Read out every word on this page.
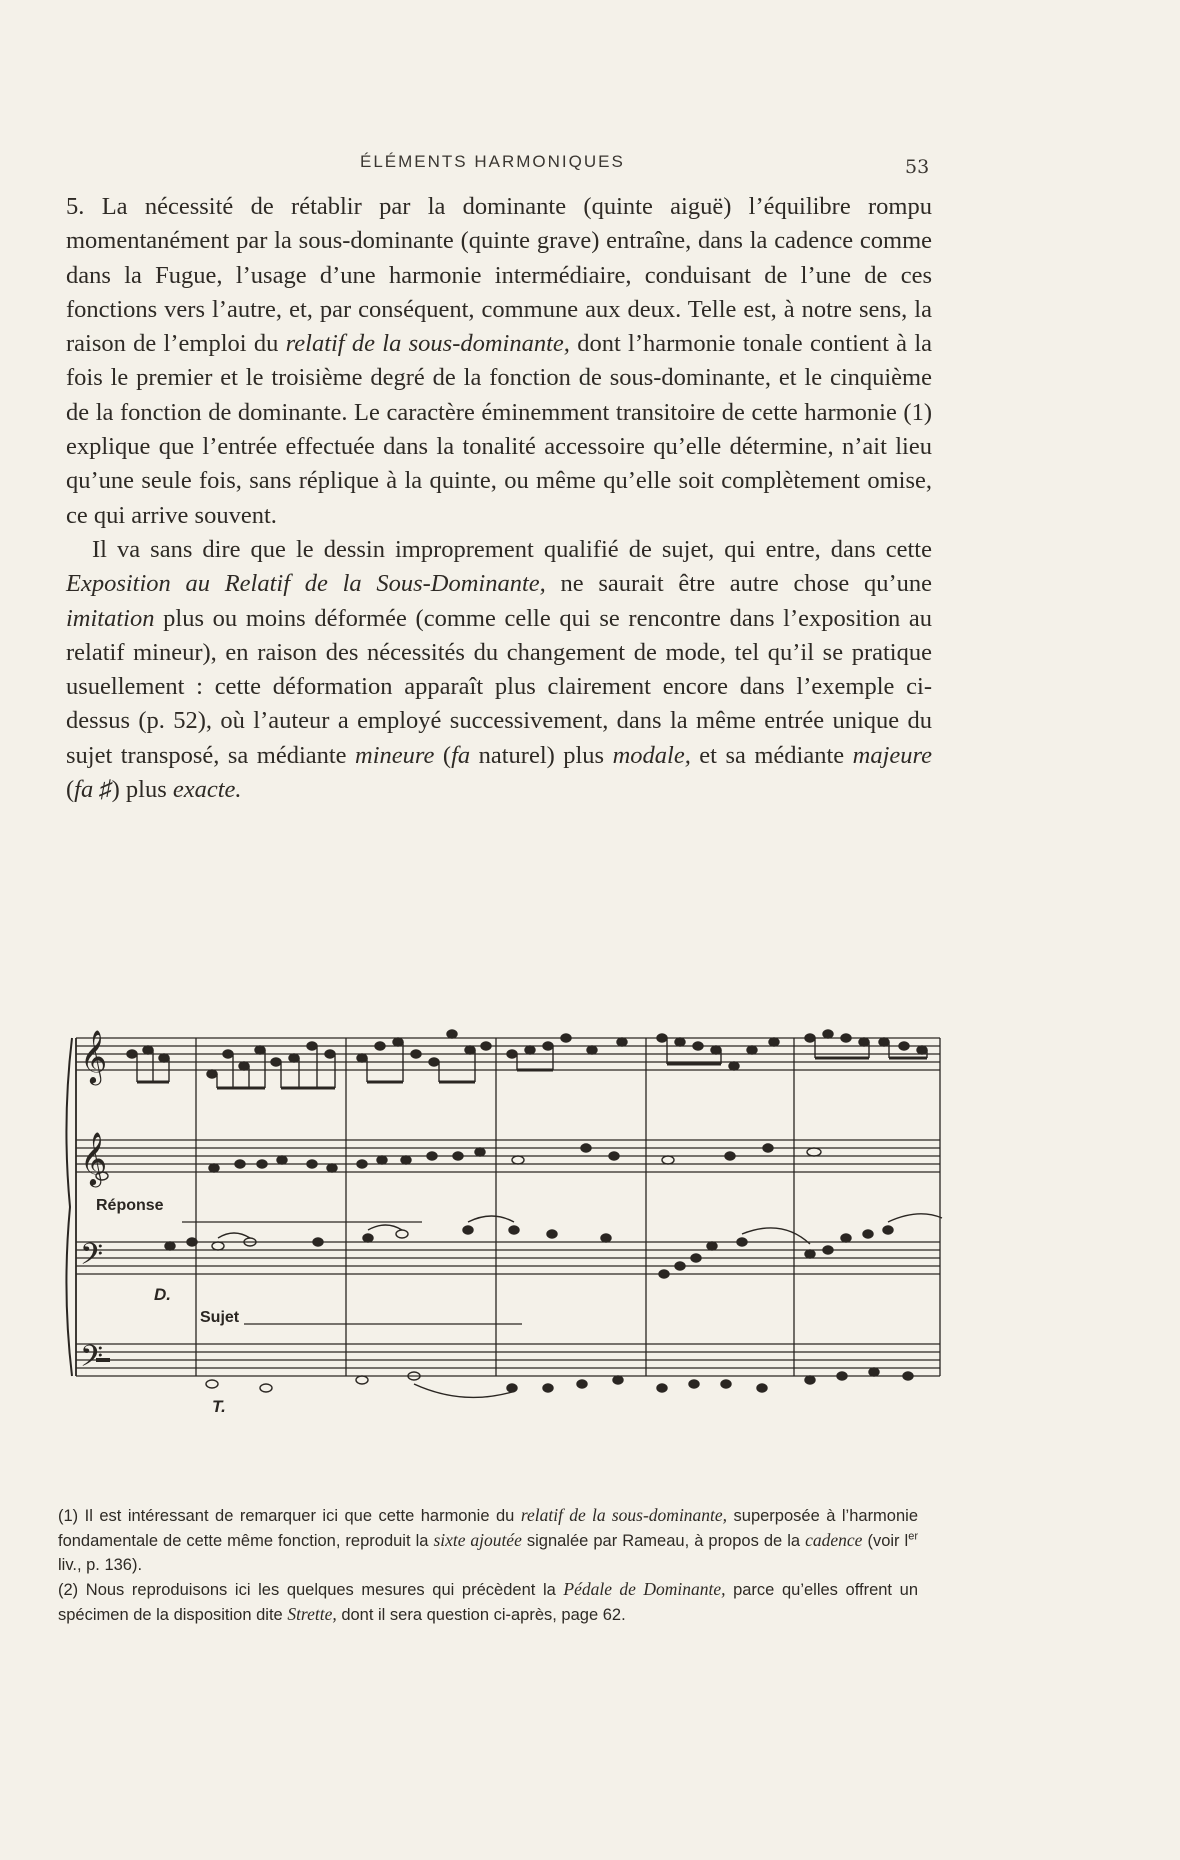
ÉLÉMENTS HARMONIQUES	53

5. La nécessité de rétablir par la dominante (quinte aiguë) l’équilibre rompu momentanément par la sous-dominante (quinte grave) entraîne, dans la cadence comme dans la Fugue, l’usage d’une harmonie intermédiaire, conduisant de l’une de ces fonctions vers l’autre, et, par conséquent, commune aux deux. Telle est, à notre sens, la raison de l’emploi du relatif de la sous-dominante, dont l’harmonie tonale contient à la fois le premier et le troisième degré de la fonction de sous-dominante, et le cinquième de la fonction de dominante. Le caractère éminemment transitoire de cette harmonie (1) explique que l’entrée effectuée dans la tonalité accessoire qu’elle détermine, n’ait lieu qu’une seule fois, sans réplique à la quinte, ou même qu’elle soit complètement omise, ce qui arrive souvent.

Il va sans dire que le dessin improprement qualifié de sujet, qui entre, dans cette Exposition au Relatif de la Sous-Dominante, ne saurait être autre chose qu’une imitation plus ou moins déformée (comme celle qui se rencontre dans l’exposition au relatif mineur), en raison des nécessités du changement de mode, tel qu’il se pratique usuellement : cette déformation apparaît plus clairement encore dans l’exemple ci-dessus (p. 52), où l’auteur a employé successivement, dans la même entrée unique du sujet transposé, sa médiante mineure (fa naturel) plus modale, et sa médiante majeure (fa ♯) plus exacte.

𝄞
𝄞
𝄢
𝄢
Réponse
D.
Sujet
T.

(1) Il est intéressant de remarquer ici que cette harmonie du relatif de la sous-dominante, superposée à l’harmonie fondamentale de cette même fonction, reproduit la sixte ajoutée signalée par Rameau, à propos de la cadence (voir $l^{er}$ liv., p. 136).

(2) Nous reproduisons ici les quelques mesures qui précèdent la Pédale de Dominante, parce qu’elles offrent un spécimen de la disposition dite Strette, dont il sera question ci-après, page 62.
